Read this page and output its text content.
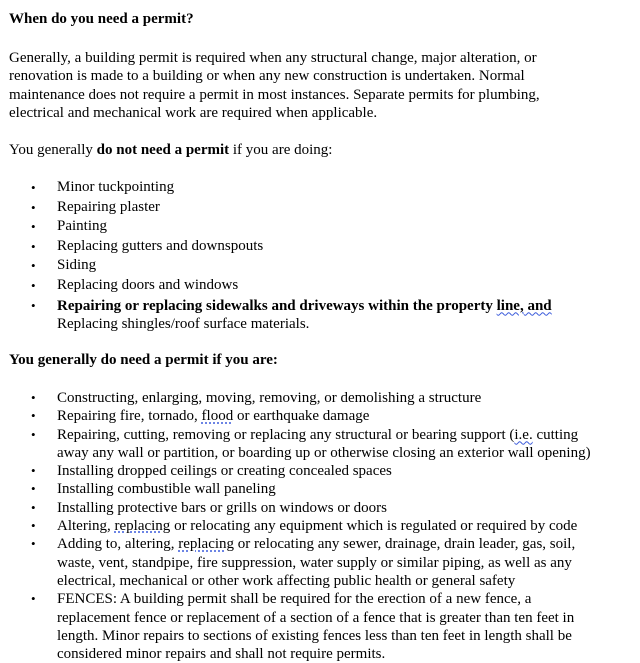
When do you need a permit?
Generally, a building permit is required when any structural change, major alteration, or
renovation is made to a building or when any new construction is undertaken. Normal
maintenance does not require a permit in most instances. Separate permits for plumbing,
electrical and mechanical work are required when applicable.
You generally do not need a permit if you are doing:
• Minor tuckpointing
• Repairing plaster
• Painting
• Replacing gutters and downspouts
• Siding
• Replacing doors and windows
• Repairing or replacing sidewalks and driveways within the property line, and
Replacing shingles/roof surface materials.
You generally do need a permit if you are:
• Constructing, enlarging, moving, removing, or demolishing a structure
• Repairing fire, tornado, flood or earthquake damage
• Repairing, cutting, removing or replacing any structural or bearing support (i.e. cutting
away any wall or partition, or boarding up or otherwise closing an exterior wall opening)
• Installing dropped ceilings or creating concealed spaces
• Installing combustible wall paneling
• Installing protective bars or grills on windows or doors
• Altering, replacing or relocating any equipment which is regulated or required by code
• Adding to, altering, replacing or relocating any sewer, drainage, drain leader, gas, soil,
waste, vent, standpipe, fire suppression, water supply or similar piping, as well as any
electrical, mechanical or other work affecting public health or general safety
• FENCES: A building permit shall be required for the erection of a new fence, a
replacement fence or replacement of a section of a fence that is greater than ten feet in
length. Minor repairs to sections of existing fences less than ten feet in length shall be
considered minor repairs and shall not require permits.
